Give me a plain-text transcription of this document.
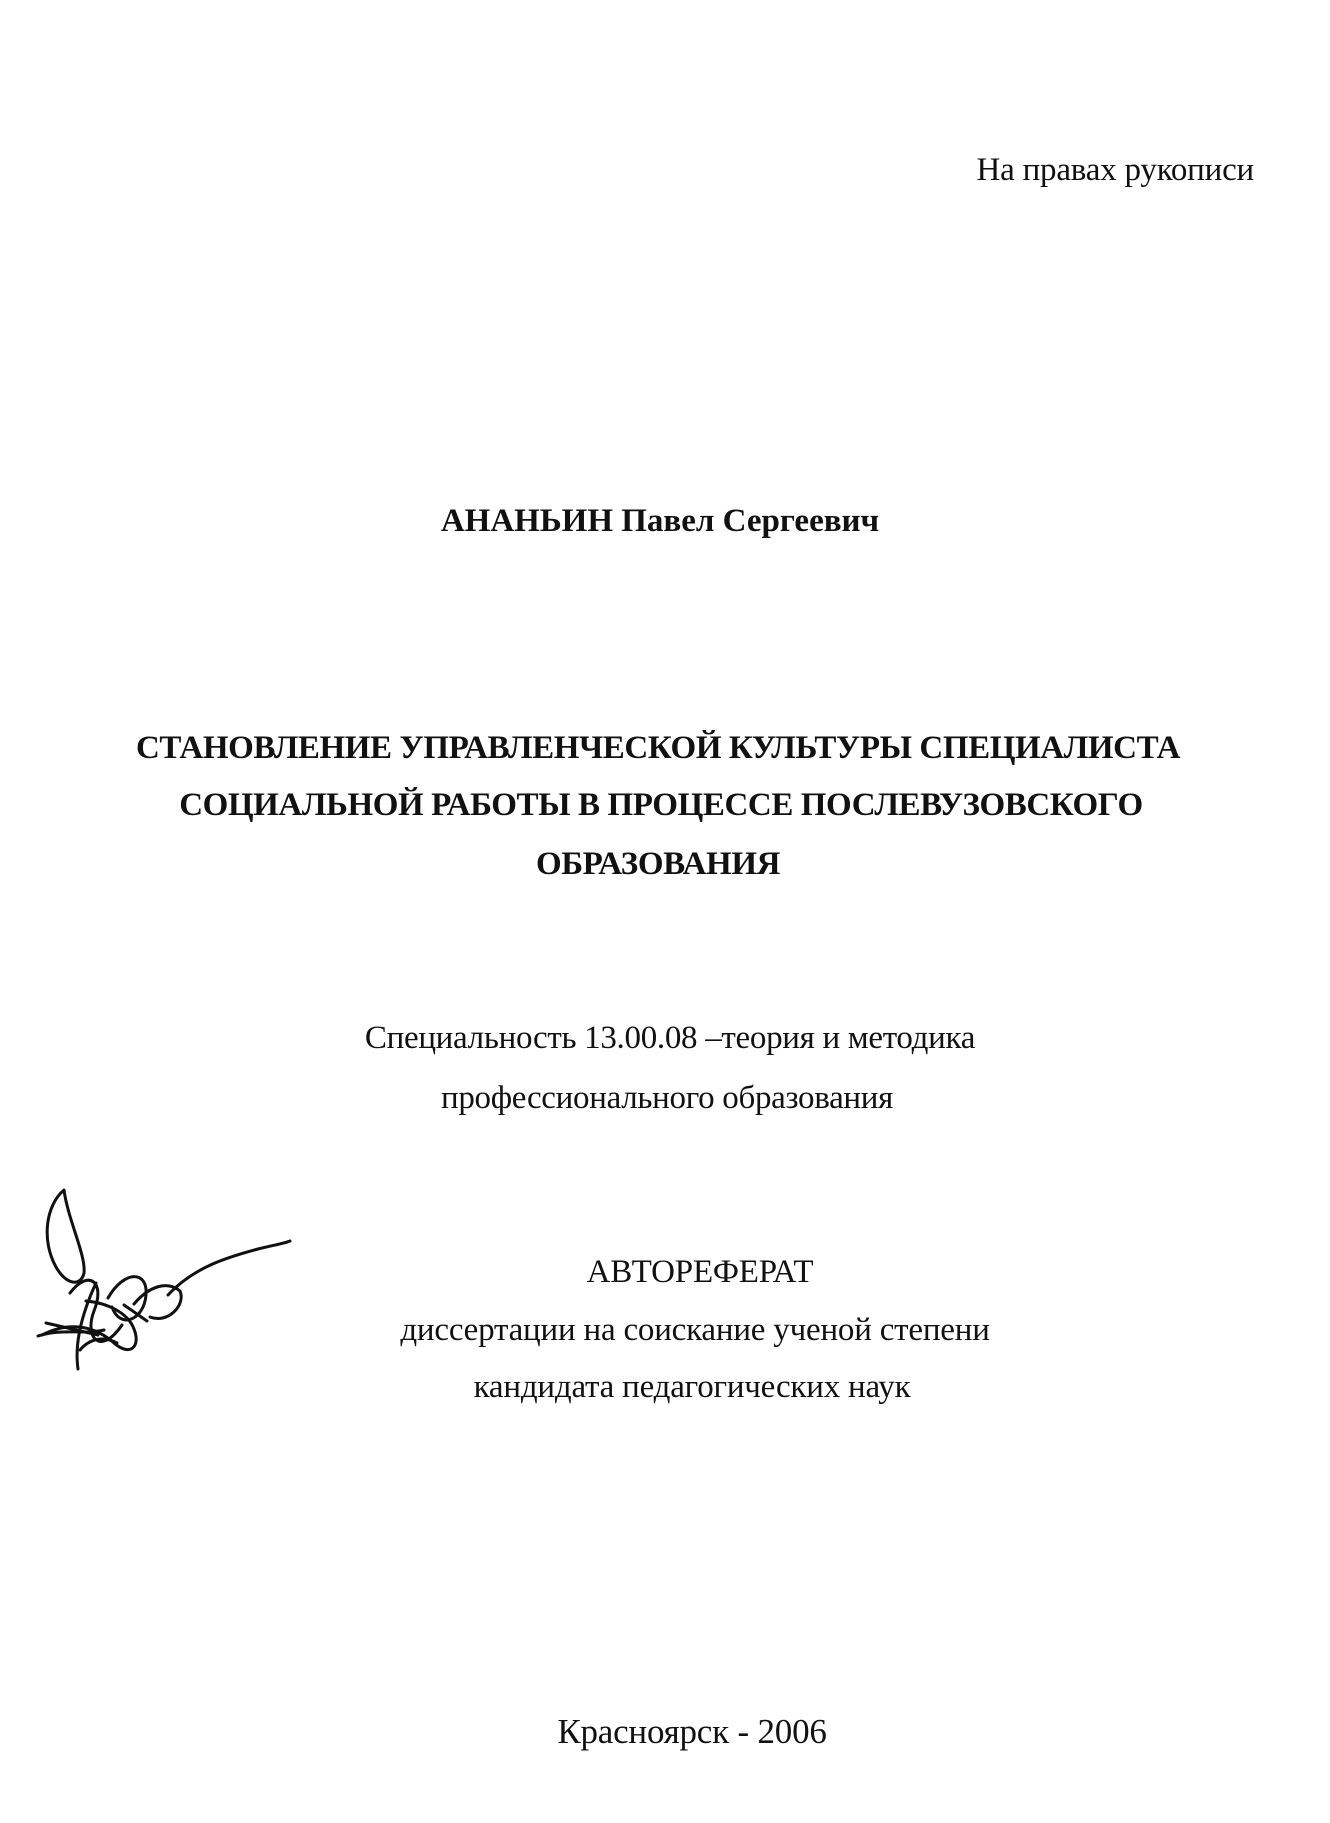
На правах рукописи
АНАНЬИН Павел Сергеевич
СТАНОВЛЕНИЕ УПРАВЛЕНЧЕСКОЙ КУЛЬТУРЫ СПЕЦИАЛИСТА
СОЦИАЛЬНОЙ РАБОТЫ В ПРОЦЕССЕ ПОСЛЕВУЗОВСКОГО
ОБРАЗОВАНИЯ
Специальность 13.00.08 –теория и методика
профессионального образования
АВТОРЕФЕРАТ
диссертации на соискание ученой степени
кандидата педагогических наук
Красноярск - 2006
